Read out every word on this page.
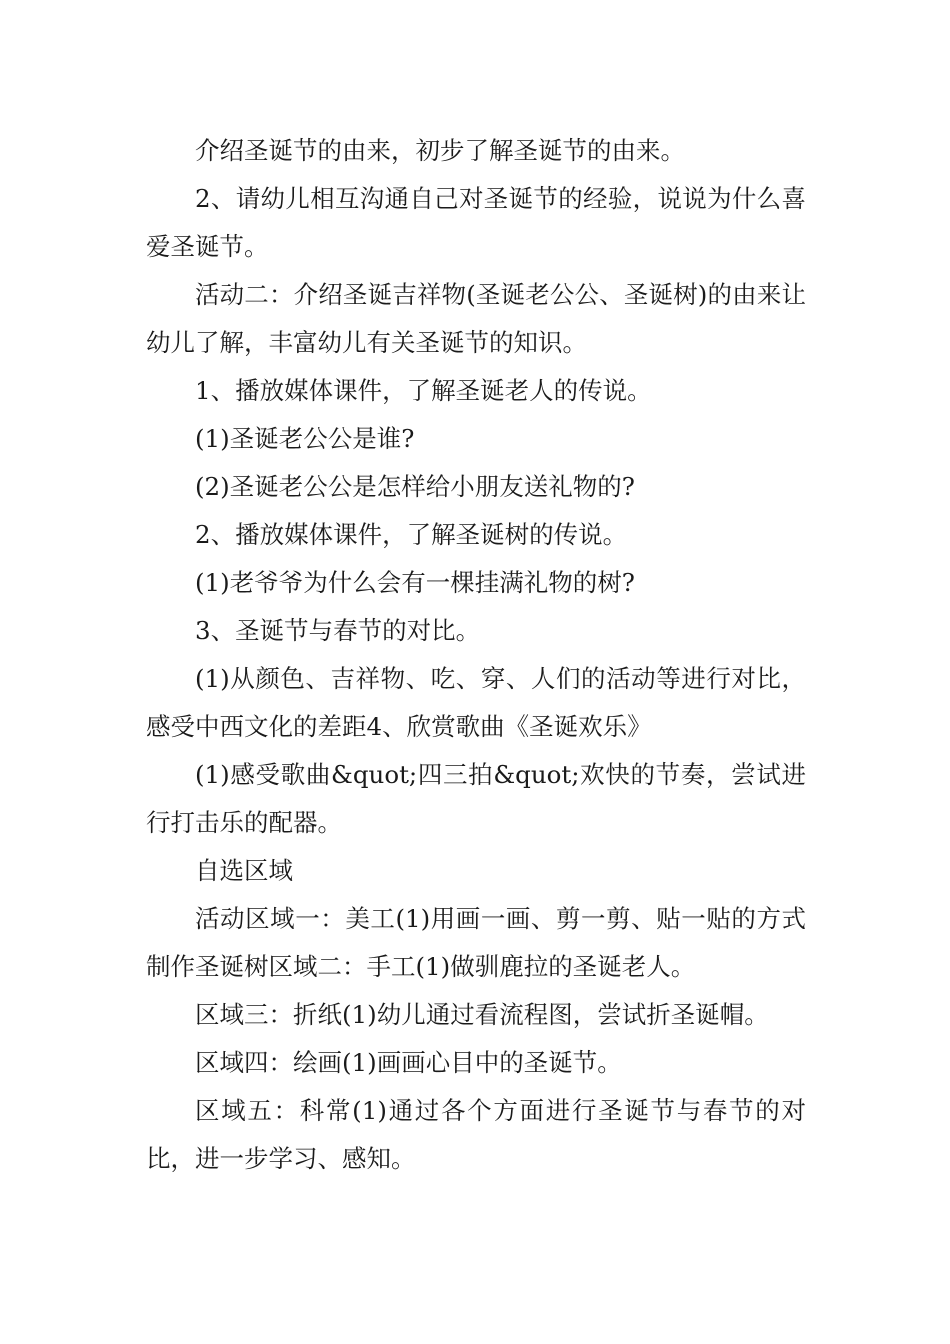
介绍圣诞节的由来，初步了解圣诞节的由来。

2、请幼儿相互沟通自己对圣诞节的经验，说说为什么喜爱圣诞节。

活动二：介绍圣诞吉祥物(圣诞老公公、圣诞树)的由来让幼儿了解，丰富幼儿有关圣诞节的知识。

1、播放媒体课件，了解圣诞老人的传说。

(1)圣诞老公公是谁?

(2)圣诞老公公是怎样给小朋友送礼物的?

2、播放媒体课件，了解圣诞树的传说。

(1)老爷爷为什么会有一棵挂满礼物的树?

3、圣诞节与春节的对比。

(1)从颜色、吉祥物、吃、穿、人们的活动等进行对比，感受中西文化的差距4、欣赏歌曲《圣诞欢乐》

(1)感受歌曲&quot;四三拍&quot;欢快的节奏，尝试进行打击乐的配器。

自选区域

活动区域一：美工(1)用画一画、剪一剪、贴一贴的方式制作圣诞树区域二：手工(1)做驯鹿拉的圣诞老人。

区域三：折纸(1)幼儿通过看流程图，尝试折圣诞帽。

区域四：绘画(1)画画心目中的圣诞节。

区域五：科常(1)通过各个方面进行圣诞节与春节的对比，进一步学习、感知。
